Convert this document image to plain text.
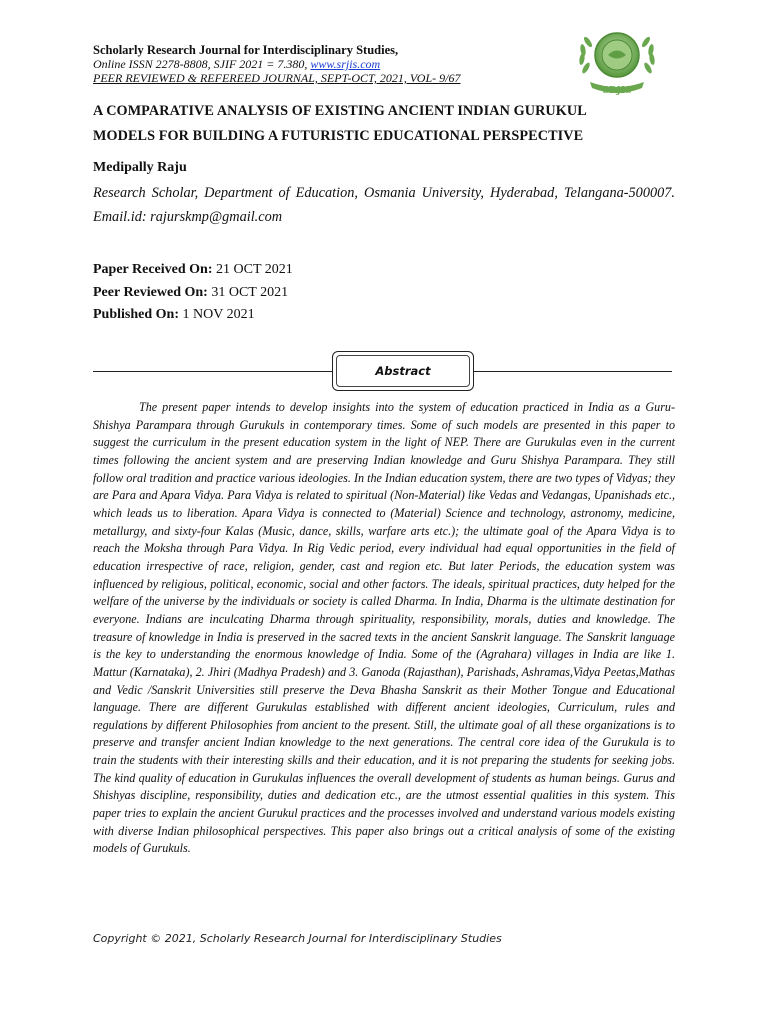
Scholarly Research Journal for Interdisciplinary Studies,
Online ISSN 2278-8808, SJIF 2021 = 7.380, www.srjis.com
PEER REVIEWED & REFEREED JOURNAL, SEPT-OCT, 2021, VOL- 9/67
SRJIS
A COMPARATIVE ANALYSIS OF EXISTING ANCIENT INDIAN GURUKUL
MODELS FOR BUILDING A FUTURISTIC EDUCATIONAL PERSPECTIVE
Medipally Raju
Research Scholar, Department of Education, Osmania University, Hyderabad, Telangana-500007. Email.id: rajurskmp@gmail.com
Paper Received On: 21 OCT 2021
Peer Reviewed On: 31 OCT 2021
Published On: 1 NOV 2021
Abstract
The present paper intends to develop insights into the system of education practiced in India as a Guru- Shishya Parampara through Gurukuls in contemporary times. Some of such models are presented in this paper to suggest the curriculum in the present education system in the light of NEP. There are Gurukulas even in the current times following the ancient system and are preserving Indian knowledge and Guru Shishya Parampara. They still follow oral tradition and practice various ideologies. In the Indian education system, there are two types of Vidyas; they are Para and Apara Vidya. Para Vidya is related to spiritual (Non-Material) like Vedas and Vedangas, Upanishads etc., which leads us to liberation. Apara Vidya is connected to (Material) Science and technology, astronomy, medicine, metallurgy, and sixty-four Kalas (Music, dance, skills, warfare arts etc.); the ultimate goal of the Apara Vidya is to reach the Moksha through Para Vidya. In Rig Vedic period, every individual had equal opportunities in the field of education irrespective of race, religion, gender, cast and region etc. But later Periods, the education system was influenced by religious, political, economic, social and other factors. The ideals, spiritual practices, duty helped for the welfare of the universe by the individuals or society is called Dharma. In India, Dharma is the ultimate destination for everyone. Indians are inculcating Dharma through spirituality, responsibility, morals, duties and knowledge. The treasure of knowledge in India is preserved in the sacred texts in the ancient Sanskrit language. The Sanskrit language is the key to understanding the enormous knowledge of India. Some of the (Agrahara) villages in India are like 1. Mattur (Karnataka), 2. Jhiri (Madhya Pradesh) and 3. Ganoda (Rajasthan), Parishads, Ashramas,Vidya Peetas,Mathas and Vedic /Sanskrit Universities still preserve the Deva Bhasha Sanskrit as their Mother Tongue and Educational language. There are different Gurukulas established with different ancient ideologies, Curriculum, rules and regulations by different Philosophies from ancient to the present. Still, the ultimate goal of all these organizations is to preserve and transfer ancient Indian knowledge to the next generations. The central core idea of the Gurukula is to train the students with their interesting skills and their education, and it is not preparing the students for seeking jobs. The kind quality of education in Gurukulas influences the overall development of students as human beings. Gurus and Shishyas discipline, responsibility, duties and dedication etc., are the utmost essential qualities in this system. This paper tries to explain the ancient Gurukul practices and the processes involved and understand various models existing with diverse Indian philosophical perspectives. This paper also brings out a critical analysis of some of the existing models of Gurukuls.
Copyright © 2021, Scholarly Research Journal for Interdisciplinary Studies
